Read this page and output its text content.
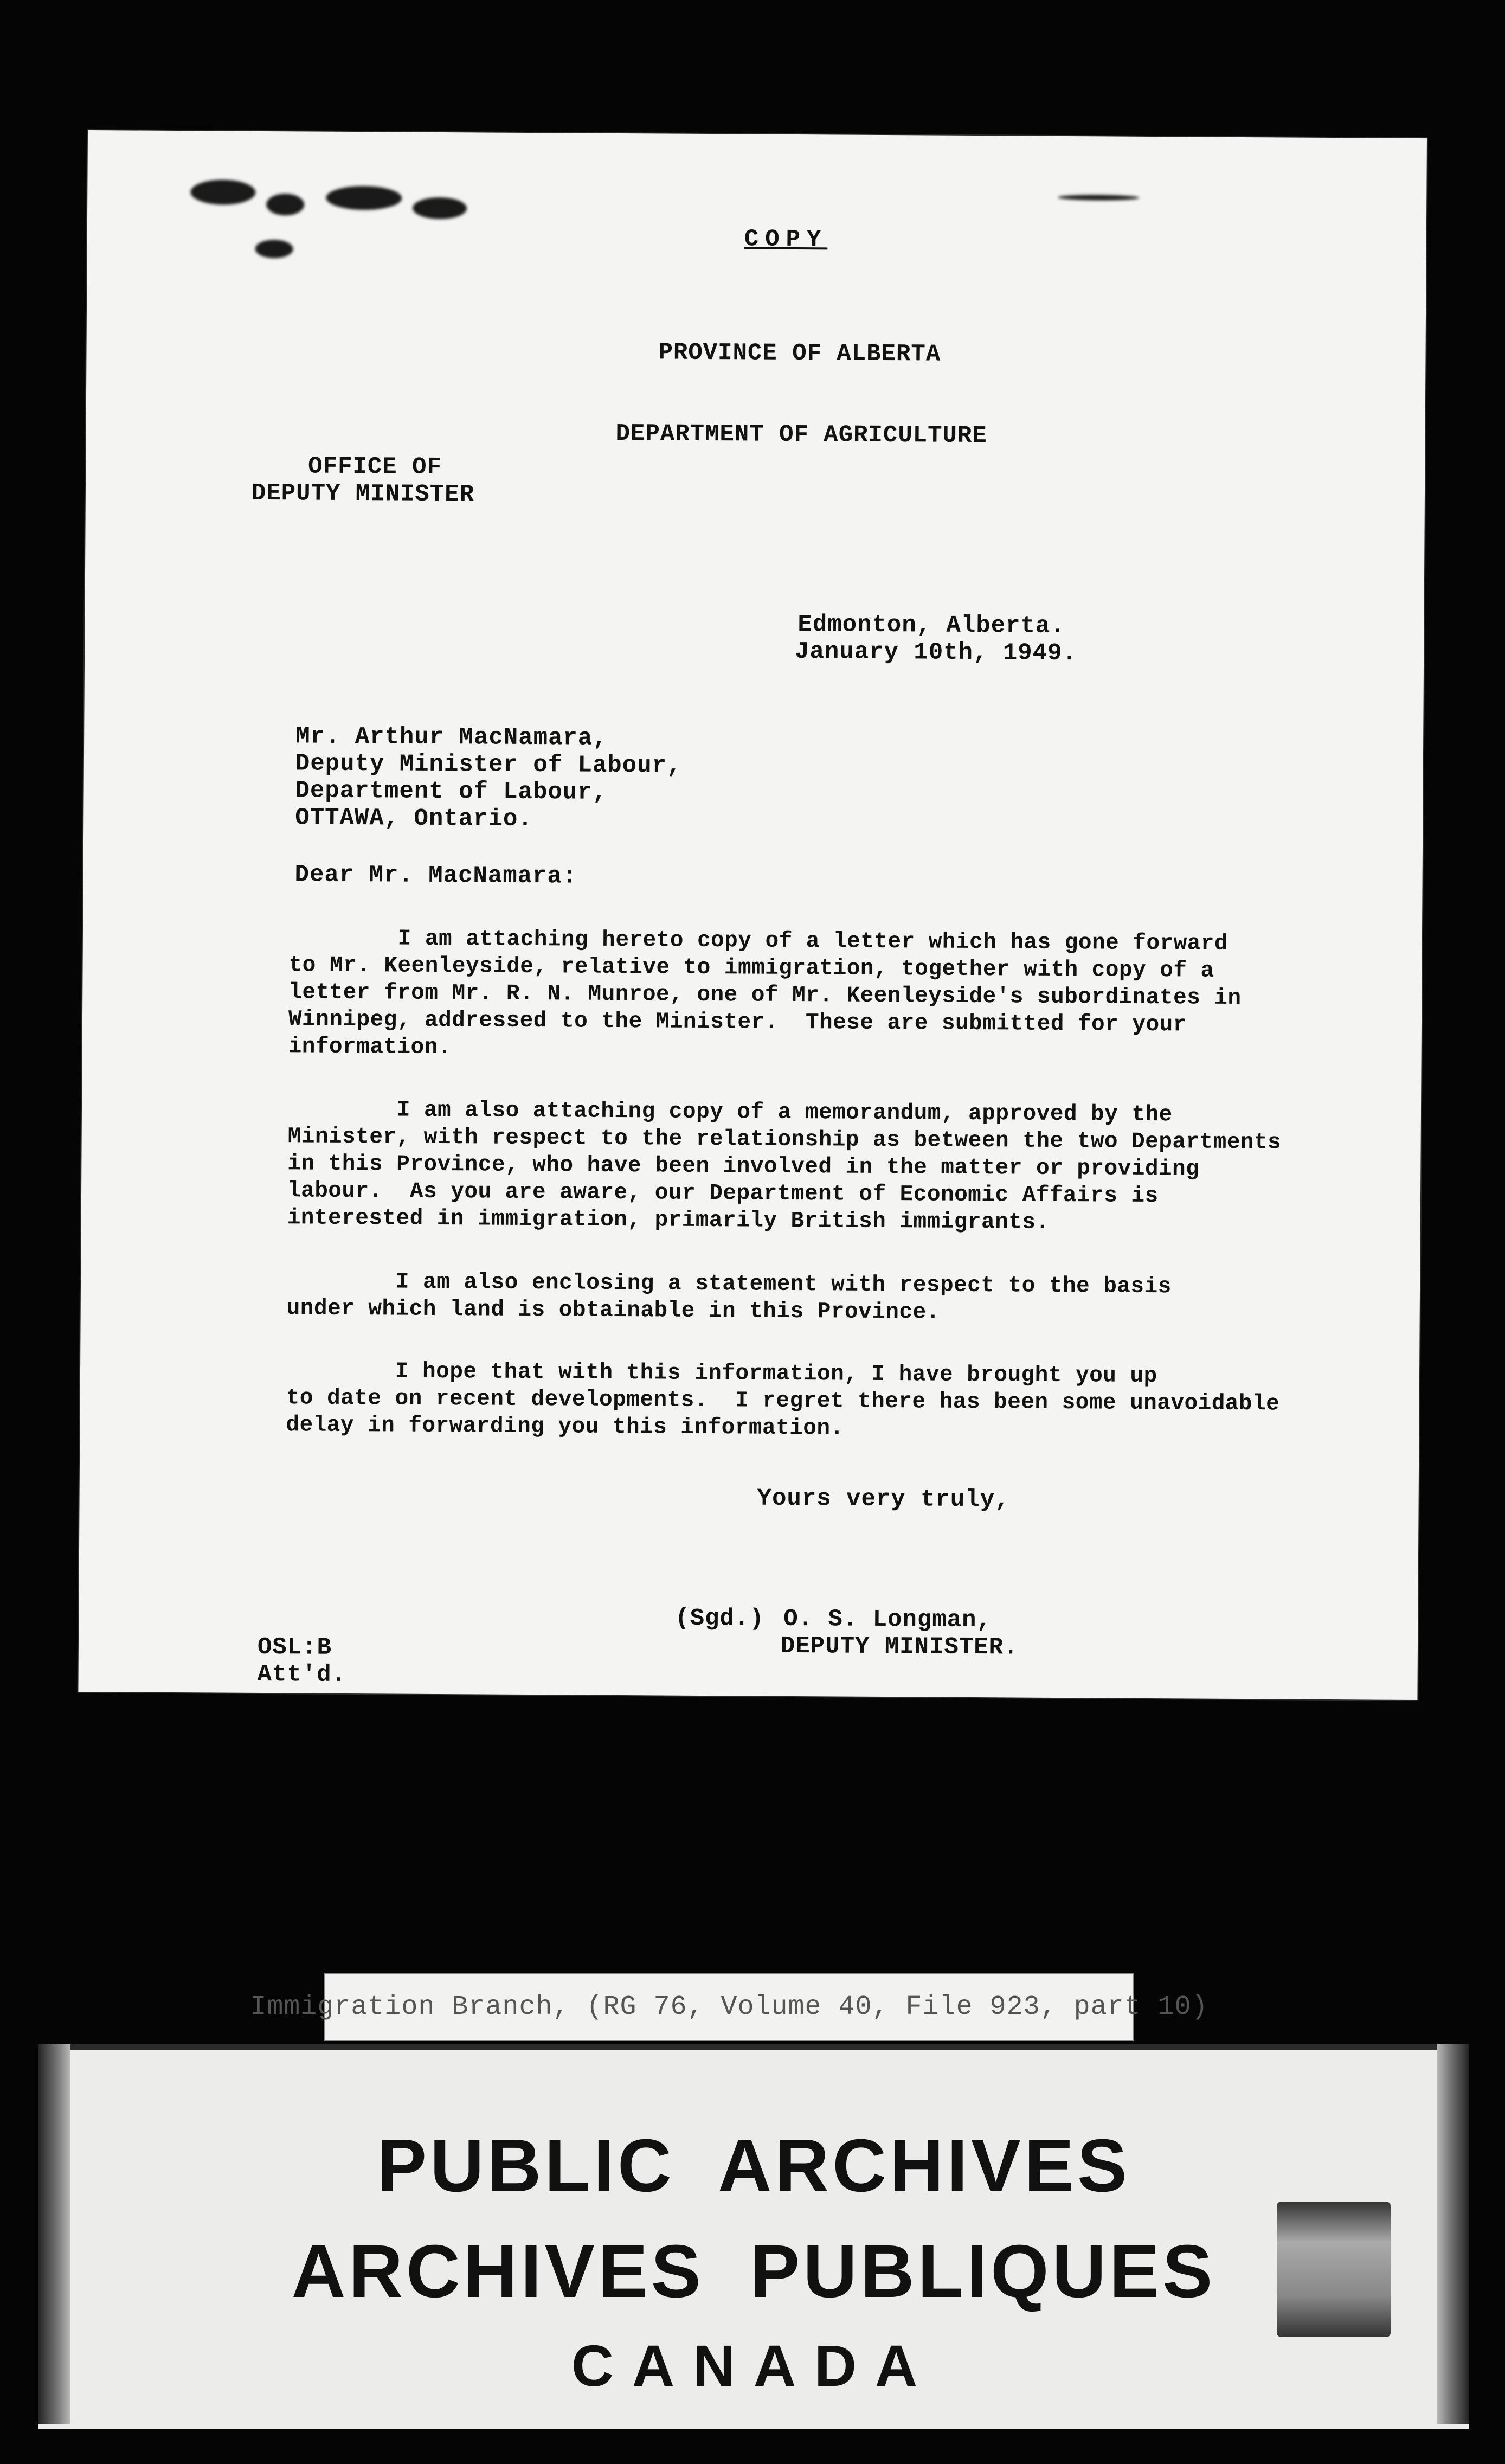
COPY
PROVINCE OF ALBERTA
DEPARTMENT OF AGRICULTURE
OFFICE OF
DEPUTY MINISTER
Edmonton, Alberta.
January 10th, 1949.
Mr. Arthur MacNamara,
Deputy Minister of Labour,
Department of Labour,
OTTAWA, Ontario.
Dear Mr. MacNamara:
I am attaching hereto copy of a letter which has gone forward
to Mr. Keenleyside, relative to immigration, together with copy of a
letter from Mr. R. N. Munroe, one of Mr. Keenleyside's subordinates in
Winnipeg, addressed to the Minister.  These are submitted for your
information.
I am also attaching copy of a memorandum, approved by the
Minister, with respect to the relationship as between the two Departments
in this Province, who have been involved in the matter or providing
labour.  As you are aware, our Department of Economic Affairs is
interested in immigration, primarily British immigrants.
I am also enclosing a statement with respect to the basis
under which land is obtainable in this Province.
I hope that with this information, I have brought you up
to date on recent developments.  I regret there has been some unavoidable
delay in forwarding you this information.
Yours very truly,
(Sgd.) O. S. Longman,
DEPUTY MINISTER.
OSL:B
Att'd.
Immigration Branch, (RG 76, Volume 40, File 923, part 10)
PUBLIC ARCHIVES
ARCHIVES PUBLIQUES
CANADA
